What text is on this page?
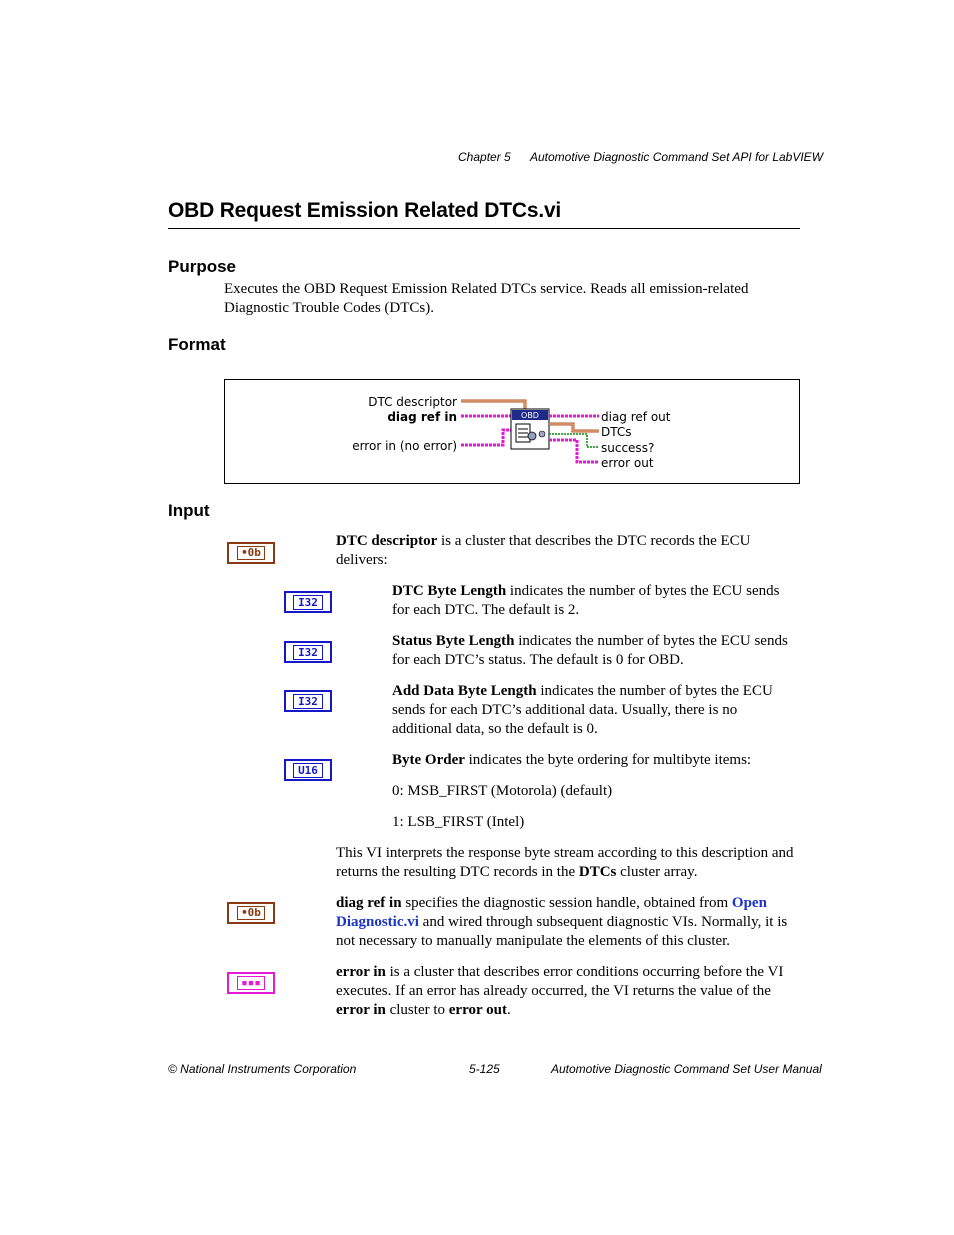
Chapter 5 Automotive Diagnostic Command Set API for LabVIEW
OBD Request Emission Related DTCs.vi
Purpose
Executes the OBD Request Emission Related DTCs service. Reads all emission-related Diagnostic Trouble Codes (DTCs).
Format
DTC descriptor
diag ref in
error in (no error)
OBD	diag ref out
DTCs
success?
error out
Input
•0b
DTC descriptor is a cluster that describes the DTC records the ECU delivers:
I32
DTC Byte Length indicates the number of bytes the ECU sends for each DTC. The default is 2.
I32
Status Byte Length indicates the number of bytes the ECU sends for each DTC’s status. The default is 0 for OBD.
I32
Add Data Byte Length indicates the number of bytes the ECU sends for each DTC’s additional data. Usually, there is no additional data, so the default is 0.
U16
Byte Order indicates the byte ordering for multibyte items:
0: MSB_FIRST (Motorola) (default)
1: LSB_FIRST (Intel)
This VI interprets the response byte stream according to this description and returns the resulting DTC records in the DTCs cluster array.
•0b
diag ref in specifies the diagnostic session handle, obtained from Open Diagnostic.vi and wired through subsequent diagnostic VIs. Normally, it is not necessary to manually manipulate the elements of this cluster.
▪▪▪
error in is a cluster that describes error conditions occurring before the VI executes. If an error has already occurred, the VI returns the value of the error in cluster to error out.
© National Instruments Corporation	5-125	Automotive Diagnostic Command Set User Manual
